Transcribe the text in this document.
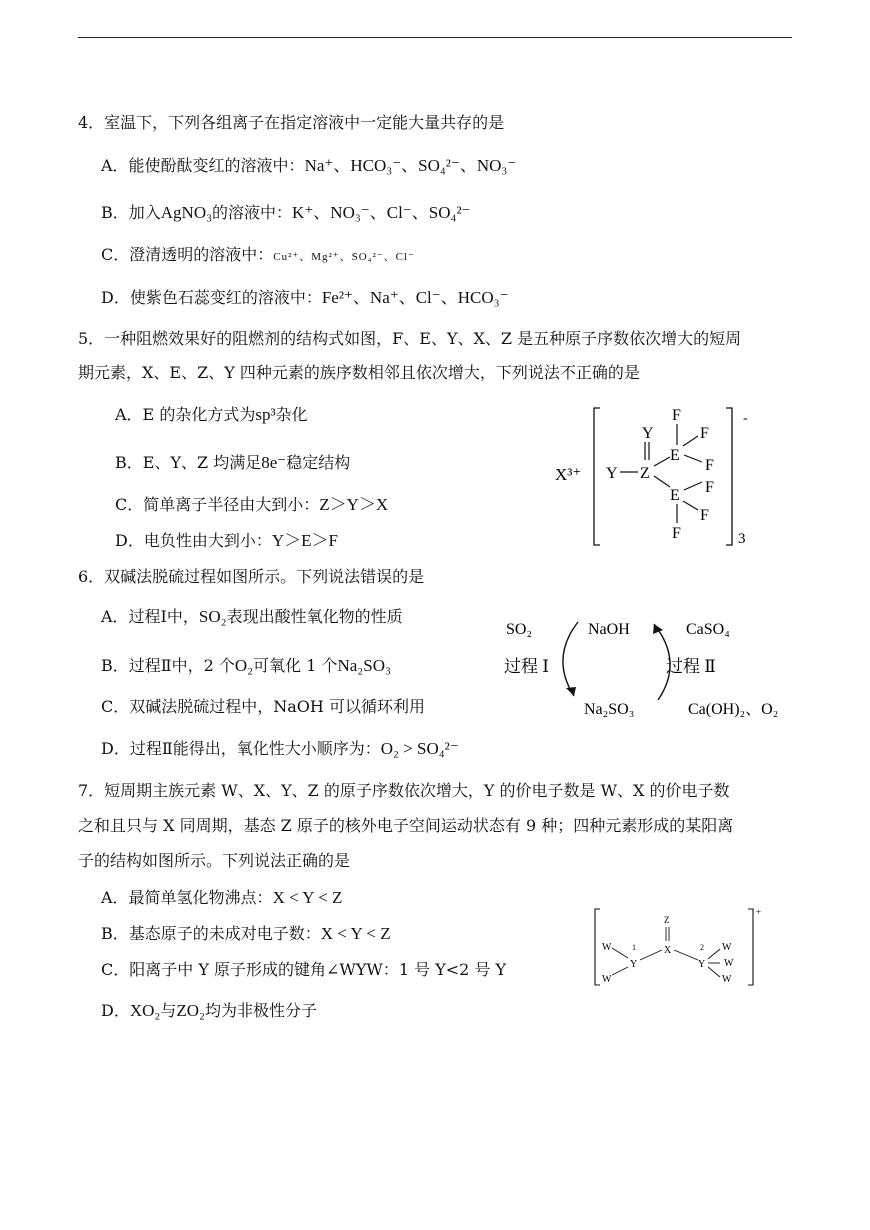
4．室温下，下列各组离子在指定溶液中一定能大量共存的是
A．能使酚酞变红的溶液中：Na⁺、HCO₃⁻、SO₄²⁻、NO₃⁻
B．加入AgNO₃的溶液中：K⁺、NO₃⁻、Cl⁻、SO₄²⁻
C．澄清透明的溶液中：Cu²⁺、Mg²⁺、SO₄²⁻、Cl⁻
D．使紫色石蕊变红的溶液中：Fe²⁺、Na⁺、Cl⁻、HCO₃⁻
5．一种阻燃效果好的阻燃剂的结构式如图，F、E、Y、X、Z 是五种原子序数依次增大的短周
期元素，X、E、Z、Y 四种元素的族序数相邻且依次增大，下列说法不正确的是
A．E 的杂化方式为sp³杂化
B．E、Y、Z 均满足8e⁻稳定结构
C．简单离子半径由大到小：Z＞Y＞X
D．电负性由大到小：Y＞E＞F
X³⁺
-
3
Y
Y Z
E
F
F
F
E F
F
F
6．双碱法脱硫过程如图所示。下列说法错误的是
A．过程Ⅰ中，SO₂表现出酸性氧化物的性质
B．过程Ⅱ中，2 个O₂可氧化 1 个Na₂SO₃
C．双碱法脱硫过程中，NaOH 可以循环利用
D．过程Ⅱ能得出，氧化性大小顺序为：O₂ > SO₄²⁻
SO₂	NaOH	CaSO₄
过程 Ⅰ	过程 Ⅱ
Na₂SO₃	Ca(OH)₂、O₂
7．短周期主族元素 W、X、Y、Z 的原子序数依次增大，Y 的价电子数是 W、X 的价电子数
之和且只与 X 同周期，基态 Z 原子的核外电子空间运动状态有 9 种；四种元素形成的某阳离
子的结构如图所示。下列说法正确的是
A．最简单氢化物沸点：X < Y < Z
B．基态原子的未成对电子数：X < Y < Z
C．阳离子中 Y 原子形成的键角∠WYW：1 号 Y<2 号 Y
D．XO₂与ZO₂均为非极性分子
+
W
W
1
Y
Z
X	2
Y
W
W
W
